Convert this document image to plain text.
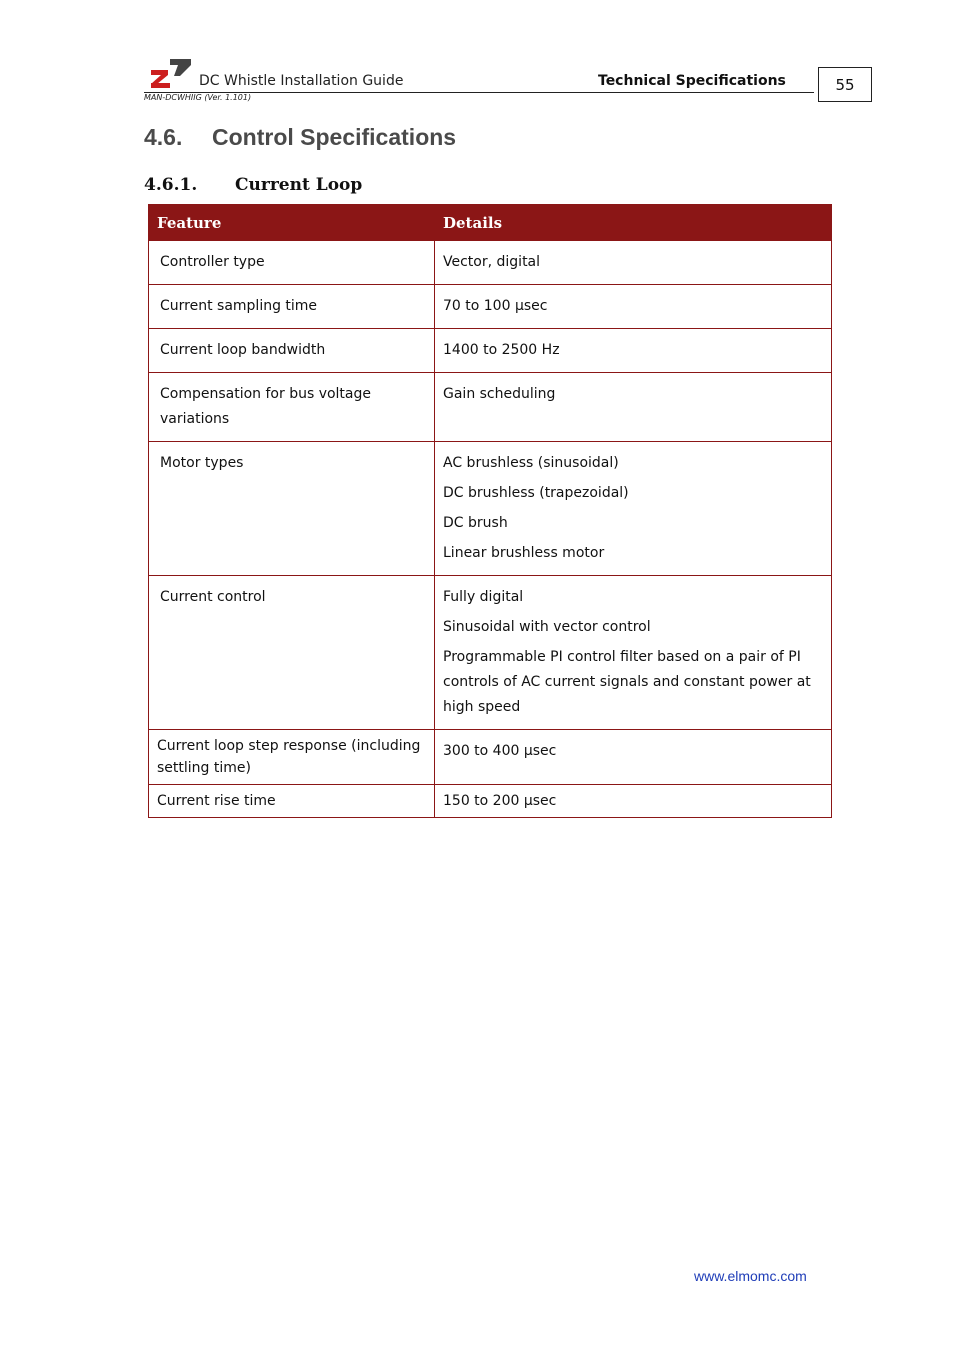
DC Whistle Installation Guide	Technical Specifications
MAN-DCWHIIG (Ver. 1.101)
55
4.6. Control Specifications
4.6.1. Current Loop
Feature	Details
Controller type	Vector, digital

Current sampling time	70 to 100 μsec

Current loop bandwidth	1400 to 2500 Hz

Compensation for bus voltage variations	Gain scheduling

Motor types	AC brushless (sinusoidal)

DC brushless (trapezoidal)

DC brush

Linear brushless motor

Current control	Fully digital

Sinusoidal with vector control

Programmable PI control filter based on a pair of PI controls of AC current signals and constant power at high speed

Current loop step response (including settling time)	300 to 400 μsec

Current rise time	150 to 200 μsec

www.elmomc.com
